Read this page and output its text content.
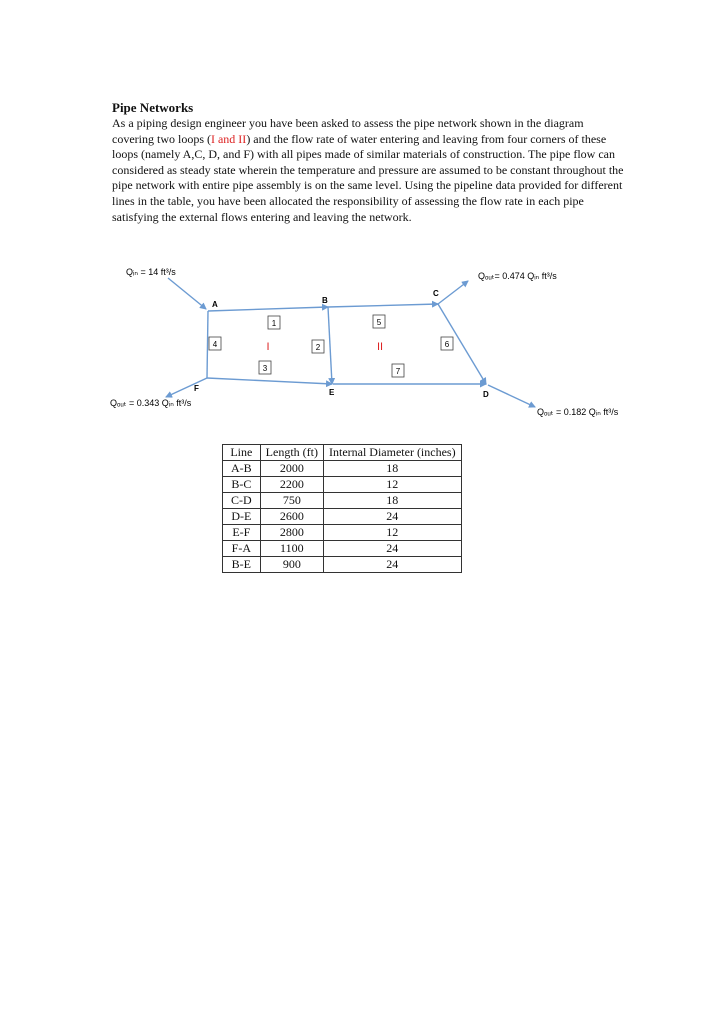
Pipe Networks
As a piping design engineer you have been asked to assess the pipe network shown in the diagram covering two loops (I and II) and the flow rate of water entering and leaving from four corners of these loops (namely A,C, D, and F) with all pipes made of similar materials of construction. The pipe flow can considered as steady state wherein the temperature and pressure are assumed to be constant throughout the pipe network with entire pipe assembly is on the same level. Using the pipeline data provided for different lines in the table, you have been allocated the responsibility of assessing the flow rate in each pipe satisfying the external flows entering and leaving the network.
Qᵢₙ = 14 ft³/s	Qₒᵤₜ= 0.474 Qᵢₙ ft³/s
Qₒᵤₜ = 0.343 Qᵢₙ ft³/s
Qₒᵤₜ = 0.182 Qᵢₙ ft³/s
A	B
C
D
E
F
1
2
3
4
5
6
7
I	II
Line	Length (ft)	Internal Diameter (inches)
A-B	2000	18
B-C	2200	12
C-D	750	18
D-E	2600	24
E-F	2800	12
F-A	1100	24
B-E	900	24
